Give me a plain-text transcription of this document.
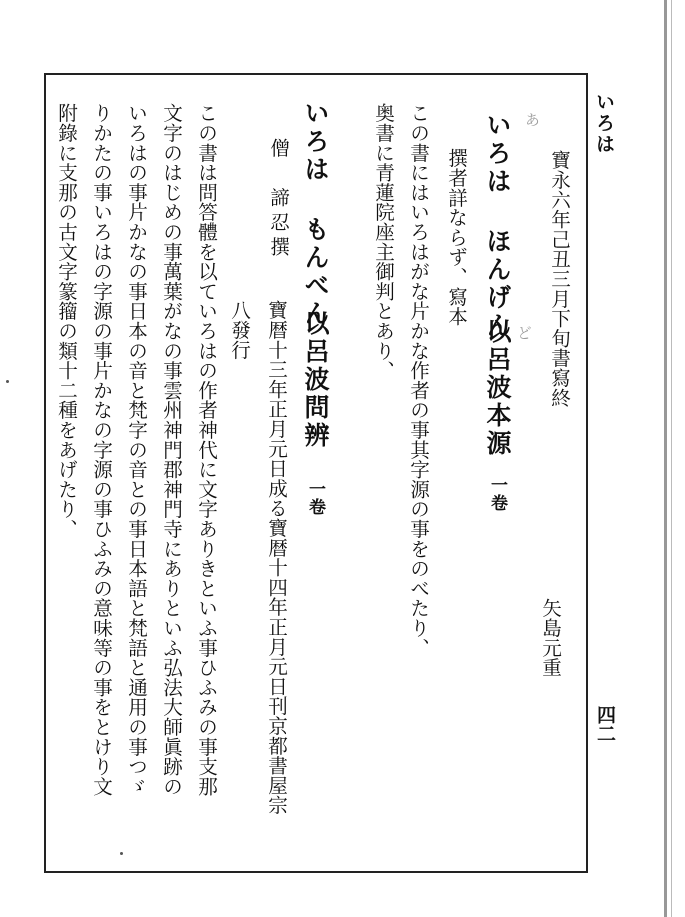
いろは
四二
寶永六年己丑三月下旬書寫終
矢島元重
いろは ほんげん
以呂波本源
一卷
撰者詳ならず、寫本
この書にはいろはがな片かな作者の事其字源の事をのべたり、
奥書に青蓮院座主御判とあり、	あ
ど
いろは もんべん
以呂波問辨
一卷
僧　諦忍撰
寶暦十三年正月元日成る寶暦十四年正月元日刊京都書屋宗
八發行
この書は問答體を以ていろはの作者神代に文字ありきといふ事ひふみの事支那
文字のはじめの事萬葉がなの事雲州神門郡神門寺にありといふ弘法大師眞跡の
いろはの事片かなの事日本の音と梵字の音との事日本語と梵語と通用の事つゞ
りかたの事いろはの字源の事片かなの字源の事ひふみの意味等の事をとけり文
附錄に支那の古文字篆籀の類十二種をあげたり、
